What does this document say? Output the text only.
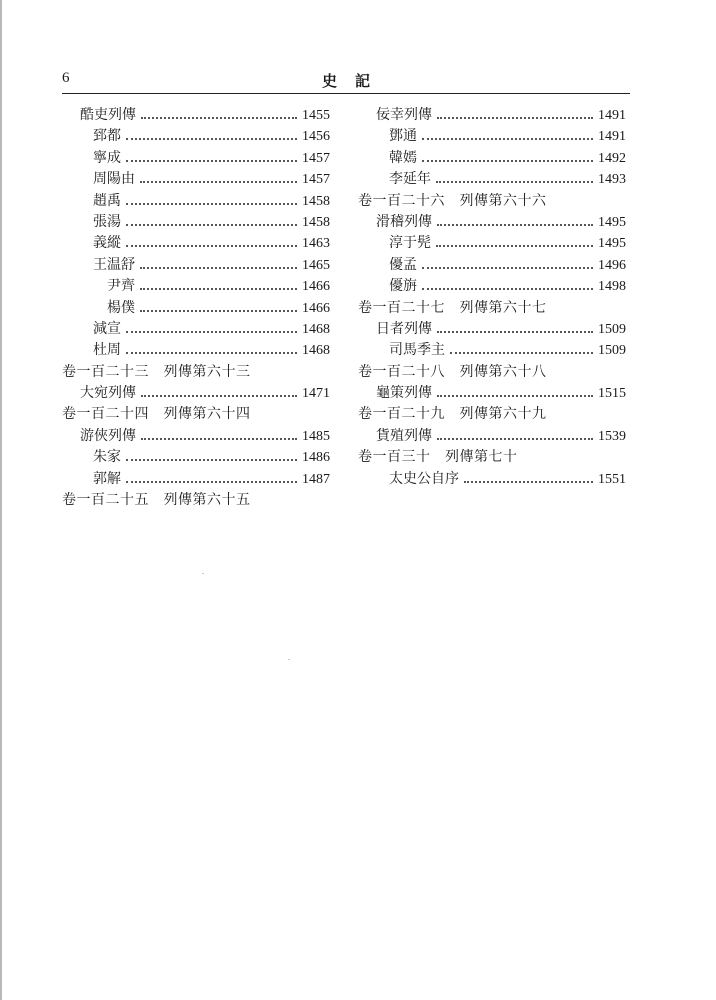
6	史記
酷吏列傳	1455
郅都	1456
寧成	1457
周陽由	1457
趙禹	1458
張湯	1458
義縱	1463
王温舒	1465
尹齊	1466
楊僕	1466
減宣	1468
杜周	1468
卷一百二十三　列傳第六十三
大宛列傳	1471
卷一百二十四　列傳第六十四
游俠列傳	1485
朱家	1486
郭解	1487
卷一百二十五　列傳第六十五
佞幸列傳	1491
鄧通	1491
韓嫣	1492
李延年	1493
卷一百二十六　列傳第六十六
滑稽列傳	1495
淳于髡	1495
優孟	1496
優旃	1498
卷一百二十七　列傳第六十七
日者列傳	1509
司馬季主	1509
卷一百二十八　列傳第六十八
龜策列傳	1515
卷一百二十九　列傳第六十九
貨殖列傳	1539
卷一百三十　列傳第七十
太史公自序	1551
